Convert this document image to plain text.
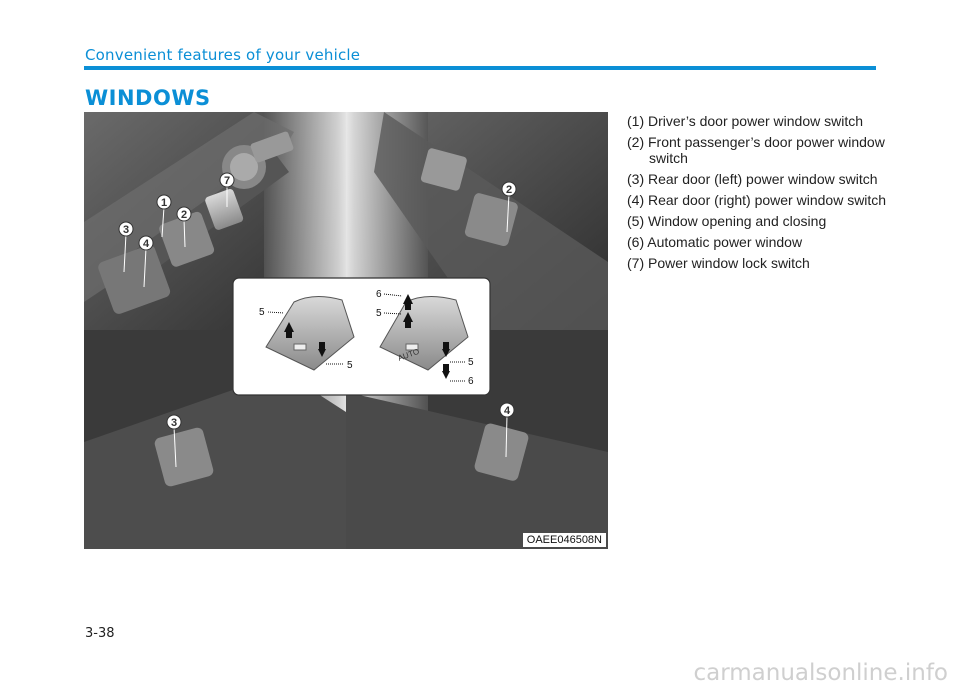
Convenient features of your vehicle
WINDOWS
1
2
3
4
7
2
3
4
5
5
AUTO
6
5
5
6
OAEE046508N
(1) Driver’s door power window switch
(2) Front passenger’s door power window switch
(3) Rear door (left) power window switch
(4) Rear door (right) power window switch
(5) Window opening and closing
(6) Automatic power window
(7) Power window lock switch
3-38
carmanualsonline.info
